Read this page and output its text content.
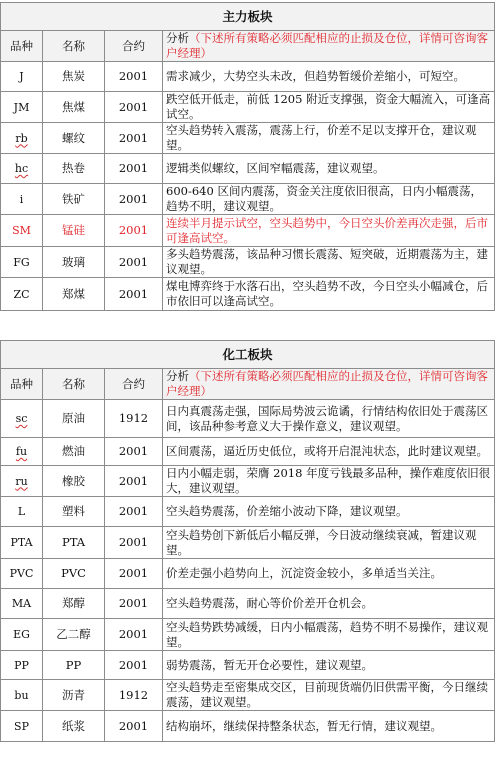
主力板块			
品种	名称	合约	分析（下述所有策略必须匹配相应的止损及仓位，详情可咨询客户经理）
J	焦炭	2001	需求减少，大势空头未改，但趋势暂缓价差缩小，可短空。
JM	焦煤	2001	跌空低开低走，前低 1205 附近支撑强，资金大幅流入，可逢高试空。
rb	螺纹	2001	空头趋势转入震荡，震荡上行，价差不足以支撑开仓，建议观望。
hc	热卷	2001	逻辑类似螺纹，区间窄幅震荡，建议观望。
i	铁矿	2001	600-640 区间内震荡，资金关注度依旧很高，日内小幅震荡，趋势不明，建议观望。
SM	锰硅	2001	连续半月提示试空，空头趋势中，今日空头价差再次走强，后市可逢高试空。
FG	玻璃	2001	多头趋势震荡，该品种习惯长震荡、短突破，近期震荡为主，建议观望。
ZC	郑煤	2001	煤电博弈终于水落石出，空头趋势不改，今日空头小幅减仓，后市依旧可以逢高试空。
化工板块			
品种	名称	合约	分析（下述所有策略必须匹配相应的止损及仓位，详情可咨询客户经理）
sc	原油	1912	日内真震荡走强，国际局势波云诡谲，行情结构依旧处于震荡区间，该品种参考意义大于操作意义，建议观望。
fu	燃油	2001	区间震荡，逼近历史低位，或将开启混沌状态，此时建议观望。
ru	橡胶	2001	日内小幅走弱，荣膺 2018 年度亏钱最多品种，操作难度依旧很大，建议观望。
L	塑料	2001	空头趋势震荡，价差缩小波动下降，建议观望。
PTA	PTA	2001	空头趋势创下新低后小幅反弹，今日波动继续衰减，暂建议观望。
PVC	PVC	2001	价差走强小趋势向上，沉淀资金较小，多单适当关注。
MA	郑醇	2001	空头趋势震荡，耐心等价价差开仓机会。
EG	乙二醇	2001	空头趋势跌势减缓，日内小幅震荡，趋势不明不易操作，建议观望。
PP	PP	2001	弱势震荡，暂无开仓必要性，建议观望。
bu	沥青	1912	空头趋势走至密集成交区，目前现货端仍旧供需平衡，今日继续震荡，建议观望。
SP	纸浆	2001	结构崩坏，继续保持整条状态，暂无行情，建议观望。
